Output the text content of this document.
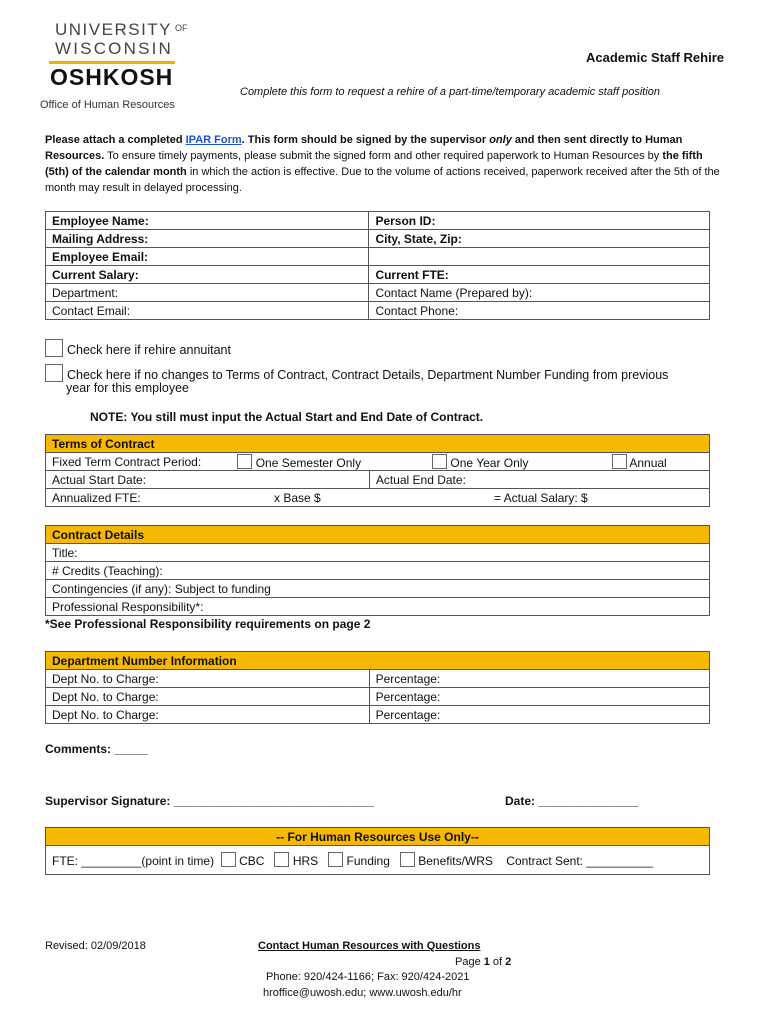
UNIVERSITY $^{OF}$
WISCONSIN
OSHKOSH
Office of Human Resources
Academic Staff Rehire
Complete this form to request a rehire of a part-time/temporary academic staff position
Please attach a completed IPAR Form. This form should be signed by the supervisor only and then sent directly to Human Resources. To ensure timely payments, please submit the signed form and other required paperwork to Human Resources by the fifth (5th) of the calendar month in which the action is effective. Due to the volume of actions received, paperwork received after the 5th of the month may result in delayed processing.
Employee Name:	Person ID:
Mailing Address:	City, State, Zip:
Employee Email:	
Current Salary:	Current FTE:
Department:	Contact Name (Prepared by):
Contact Email:	Contact Phone:
Check here if rehire annuitant
Check here if no changes to Terms of Contract, Contract Details, Department Number Funding from previous
year for this employee
NOTE: You still must input the Actual Start and End Date of Contract.
Terms of Contract				
Fixed Term Contract Period:	One Semester Only		One Year Only	Annual
Actual Start Date:		Actual End Date:		
Annualized FTE: x Base $ = Actual Salary: $				
Contract Details
Title:
# Credits (Teaching):
Contingencies (if any): Subject to funding
Professional Responsibility*:
*See Professional Responsibility requirements on page 2
Department Number Information	
Dept No. to Charge:	Percentage:
Dept No. to Charge:	Percentage:
Dept No. to Charge:	Percentage:
Comments: _____
Supervisor Signature: ______________________________	Date: _______________
-- For Human Resources Use Only--
FTE: _________(point in time) CBC HRS Funding Benefits/WRS Contract Sent: __________
Revised: 02/09/2018	Contact Human Resources with Questions
Page 1 of 2
Phone: 920/424-1166; Fax: 920/424-2021
hroffice@uwosh.edu; www.uwosh.edu/hr
